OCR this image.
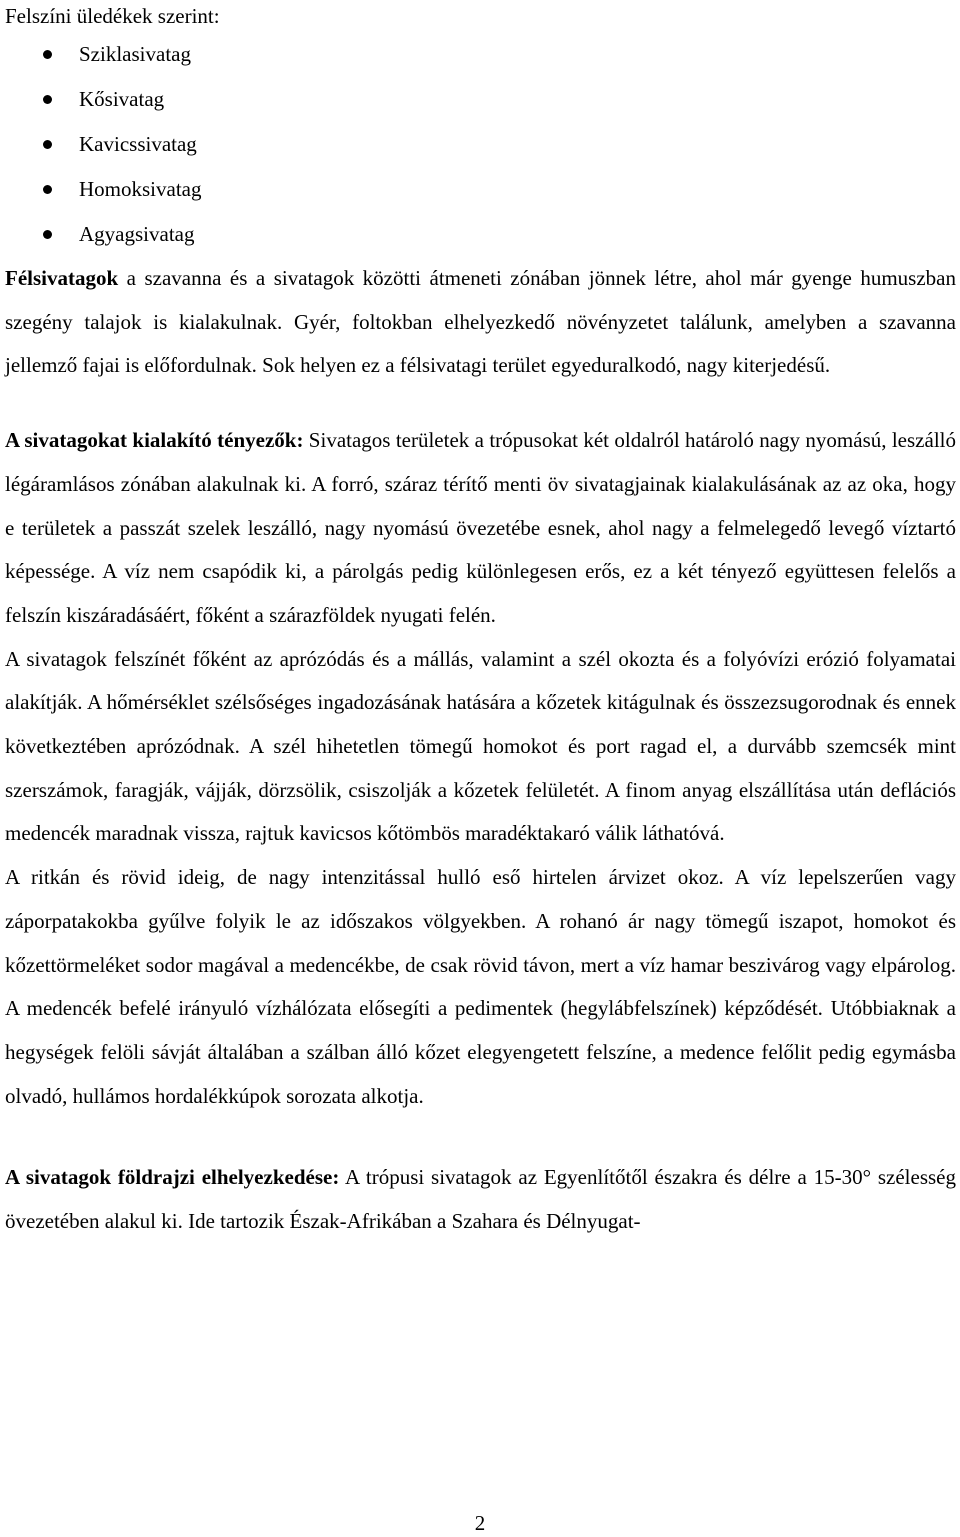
Felszíni üledékek szerint:

Sziklasivatag
Kősivatag
Kavicssivatag
Homoksivatag
Agyagsivatag

Félsivatagok a szavanna és a sivatagok közötti átmeneti zónában jönnek létre, ahol már gyenge humuszban szegény talajok is kialakulnak. Gyér, foltokban elhelyezkedő növényzetet találunk, amelyben a szavanna jellemző fajai is előfordulnak. Sok helyen ez a félsivatagi terület egyeduralkodó, nagy kiterjedésű.

A sivatagokat kialakító tényezők: Sivatagos területek a trópusokat két oldalról határoló nagy nyomású, leszálló légáramlásos zónában alakulnak ki. A forró, száraz térítő menti öv sivatagjainak kialakulásának az az oka, hogy e területek a passzát szelek leszálló, nagy nyomású övezetébe esnek, ahol nagy a felmelegedő levegő víztartó képessége. A víz nem csapódik ki, a párolgás pedig különlegesen erős, ez a két tényező együttesen felelős a felszín kiszáradásáért, főként a szárazföldek nyugati felén.

A sivatagok felszínét főként az aprózódás és a mállás, valamint a szél okozta és a folyóvízi erózió folyamatai alakítják. A hőmérséklet szélsőséges ingadozásának hatására a kőzetek kitágulnak és összezsugorodnak és ennek következtében aprózódnak. A szél hihetetlen tömegű homokot és port ragad el, a durvább szemcsék mint szerszámok, faragják, vájják, dörzsölik, csiszolják a kőzetek felületét. A finom anyag elszállítása után deflációs medencék maradnak vissza, rajtuk kavicsos kőtömbös maradéktakaró válik láthatóvá.

A ritkán és rövid ideig, de nagy intenzitással hulló eső hirtelen árvizet okoz. A víz lepelszerűen vagy záporpatakokba gyűlve folyik le az időszakos völgyekben. A rohanó ár nagy tömegű iszapot, homokot és kőzettörmeléket sodor magával a medencékbe, de csak rövid távon, mert a víz hamar beszivárog vagy elpárolog. A medencék befelé irányuló vízhálózata elősegíti a pedimentek (hegylábfelszínek) képződését. Utóbbiaknak a hegységek felöli sávját általában a szálban álló kőzet elegyengetett felszíne, a medence felőlit pedig egymásba olvadó, hullámos hordalékkúpok sorozata alkotja.

A sivatagok földrajzi elhelyezkedése: A trópusi sivatagok az Egyenlítőtől északra és délre a 15-30° szélesség övezetében alakul ki. Ide tartozik Észak-Afrikában a Szahara és Délnyugat-

2
